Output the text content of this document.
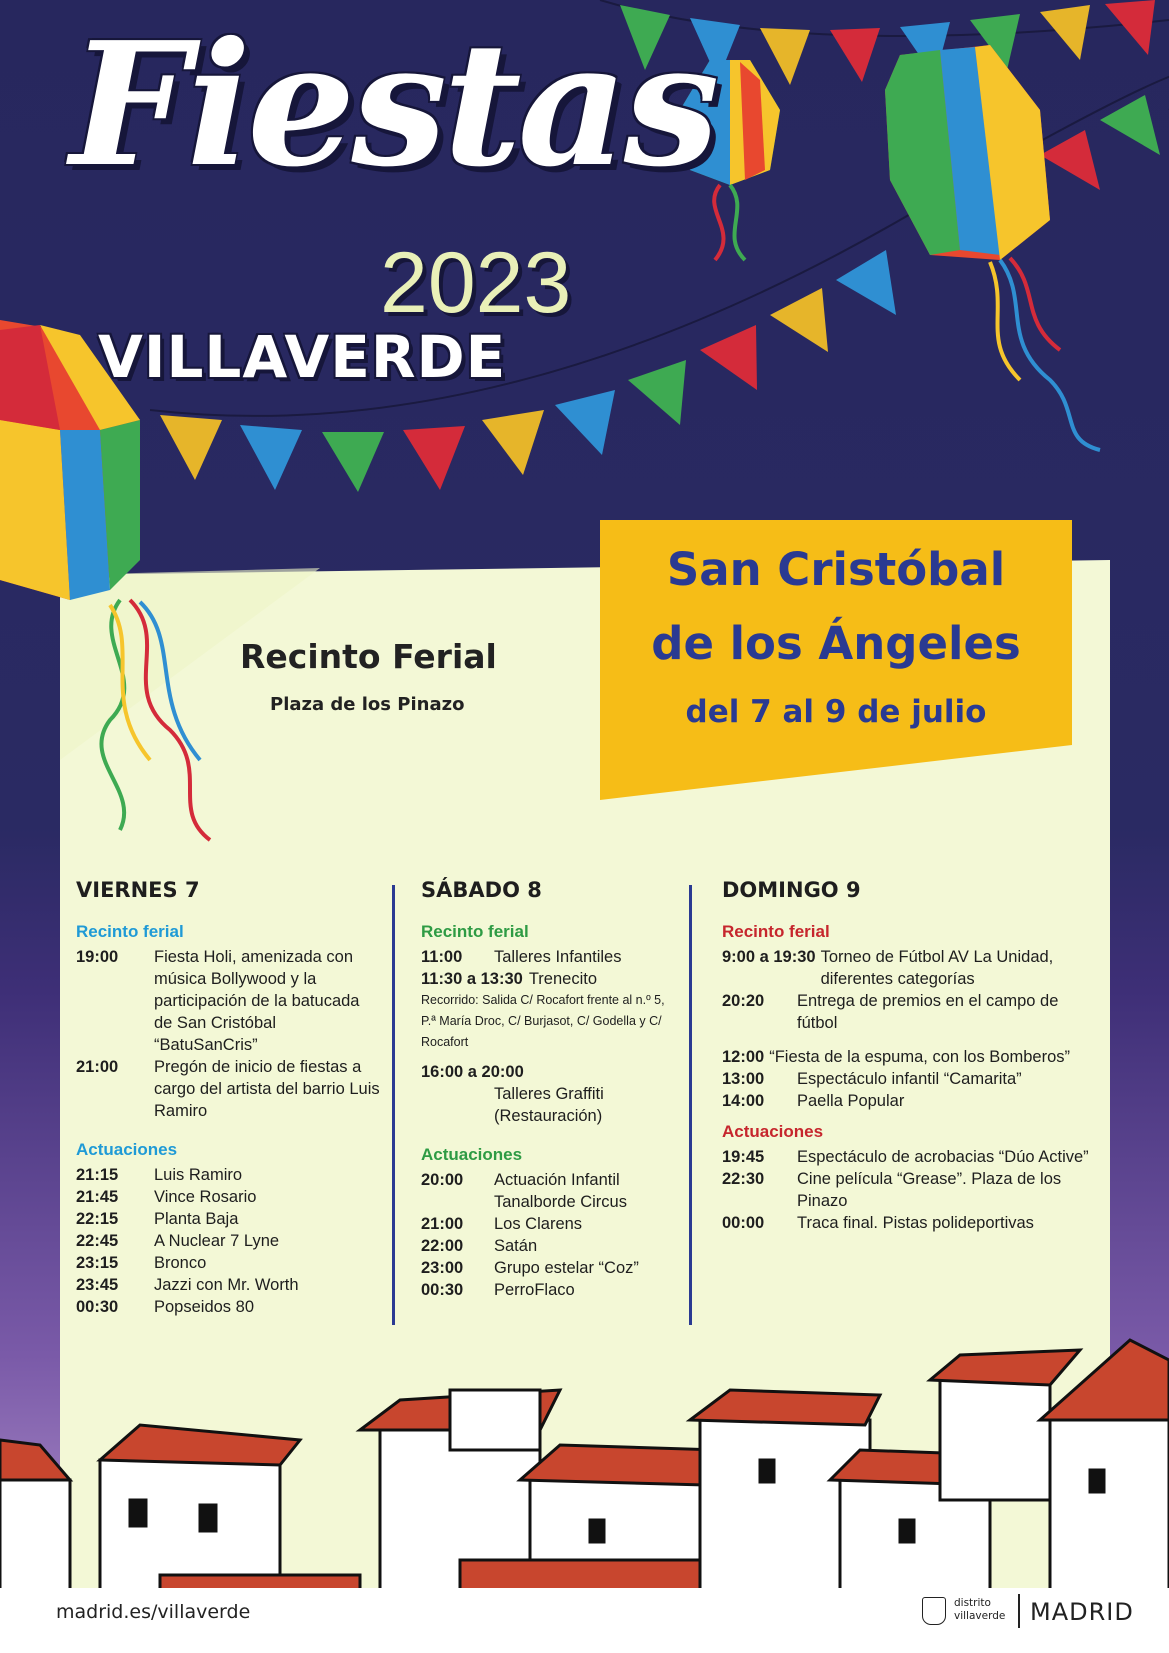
Fiestas
2023
VILLAVERDE
Recinto Ferial
Plaza de los Pinazo
San Cristóbal
de los Ángeles
del 7 al 9 de julio
VIERNES 7
Recinto ferial
19:00	Fiesta Holi, amenizada con música Bollywood y la participación de la batucada de San Cristóbal “BatuSanCris”
21:00	Pregón de inicio de fiestas a cargo del artista del barrio Luis Ramiro
Actuaciones
21:15	Luis Ramiro
21:45	Vince Rosario
22:15	Planta Baja
22:45	A Nuclear 7 Lyne
23:15	Bronco
23:45	Jazzi con Mr. Worth
00:30	Popseidos 80
SÁBADO 8
Recinto ferial
11:00	Talleres Infantiles
11:30 a 13:30 Trenecito
Recorrido: Salida C/ Rocafort frente al n.º 5, P.ª María Droc, C/ Burjasot, C/ Godella y C/ Rocafort
16:00 a 20:00
Talleres Graffiti (Restauración)
Actuaciones
20:00	Actuación Infantil Tanalborde Circus
21:00	Los Clarens
22:00	Satán
23:00	Grupo estelar “Coz”
00:30	PerroFlaco
DOMINGO 9
Recinto ferial
9:00 a 19:30 Torneo de Fútbol AV La Unidad, diferentes categorías
20:20	Entrega de premios en el campo de fútbol
12:00 “Fiesta de la espuma, con los Bomberos”
13:00	Espectáculo infantil “Camarita”
14:00	Paella Popular
Actuaciones
19:45	Espectáculo de acrobacias “Dúo Active”
22:30	Cine película “Grease”. Plaza de los Pinazo
00:00	Traca final. Pistas polideportivas
madrid.es/villaverde	distrito
villaverde MADRID
